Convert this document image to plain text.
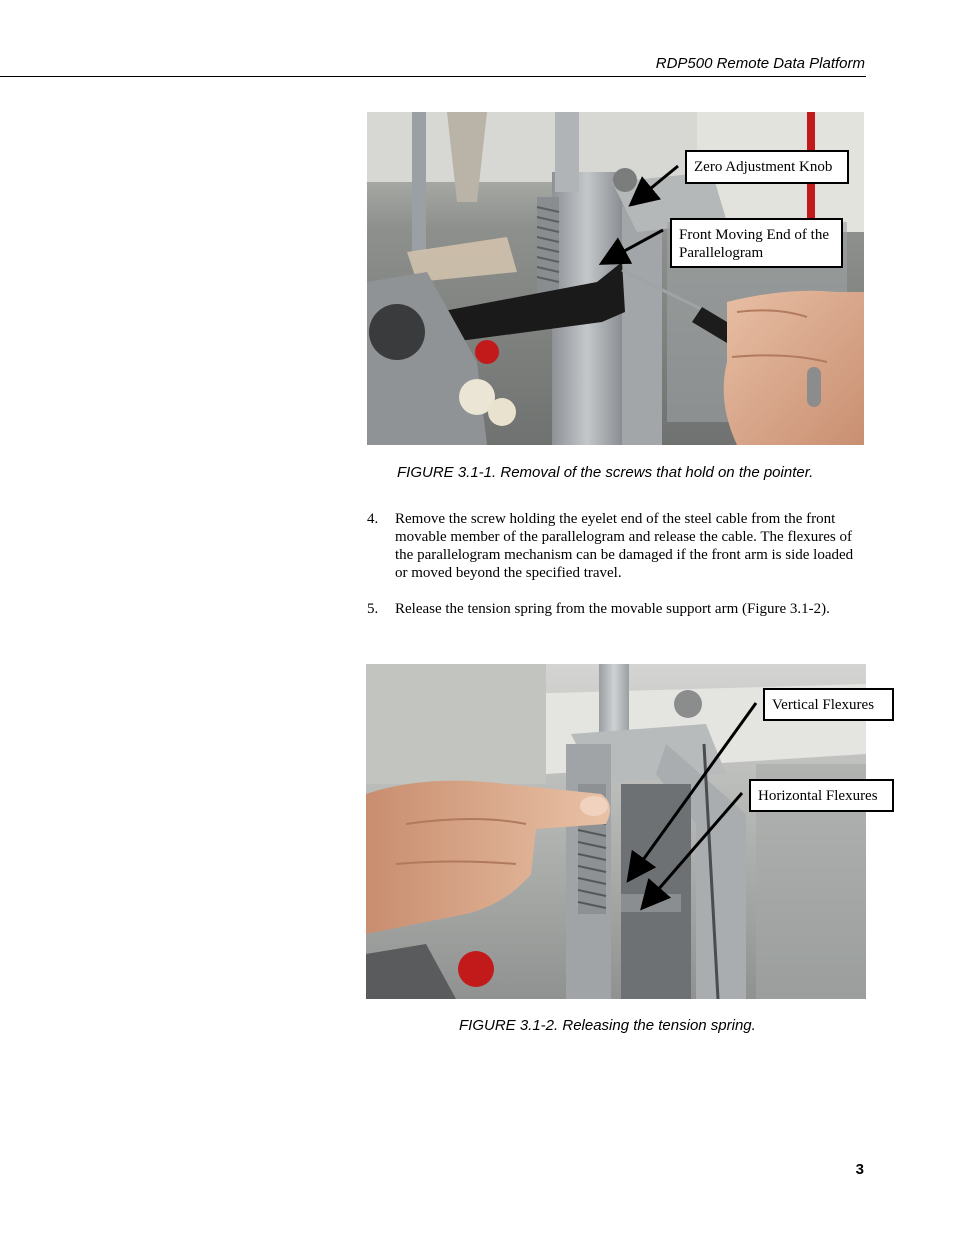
RDP500 Remote Data Platform
Zero Adjustment Knob
Front Moving End of the Parallelogram
Vertical Flexures
Horizontal Flexures
FIGURE 3.1-1. Removal of the screws that hold on the pointer.
4. Remove the screw holding the eyelet end of the steel cable from the front movable member of the parallelogram and release the cable. The flexures of the parallelogram mechanism can be damaged if the front arm is side loaded or moved beyond the specified travel.
5. Release the tension spring from the movable support arm (Figure 3.1-2).
FIGURE 3.1-2. Releasing the tension spring.
3
